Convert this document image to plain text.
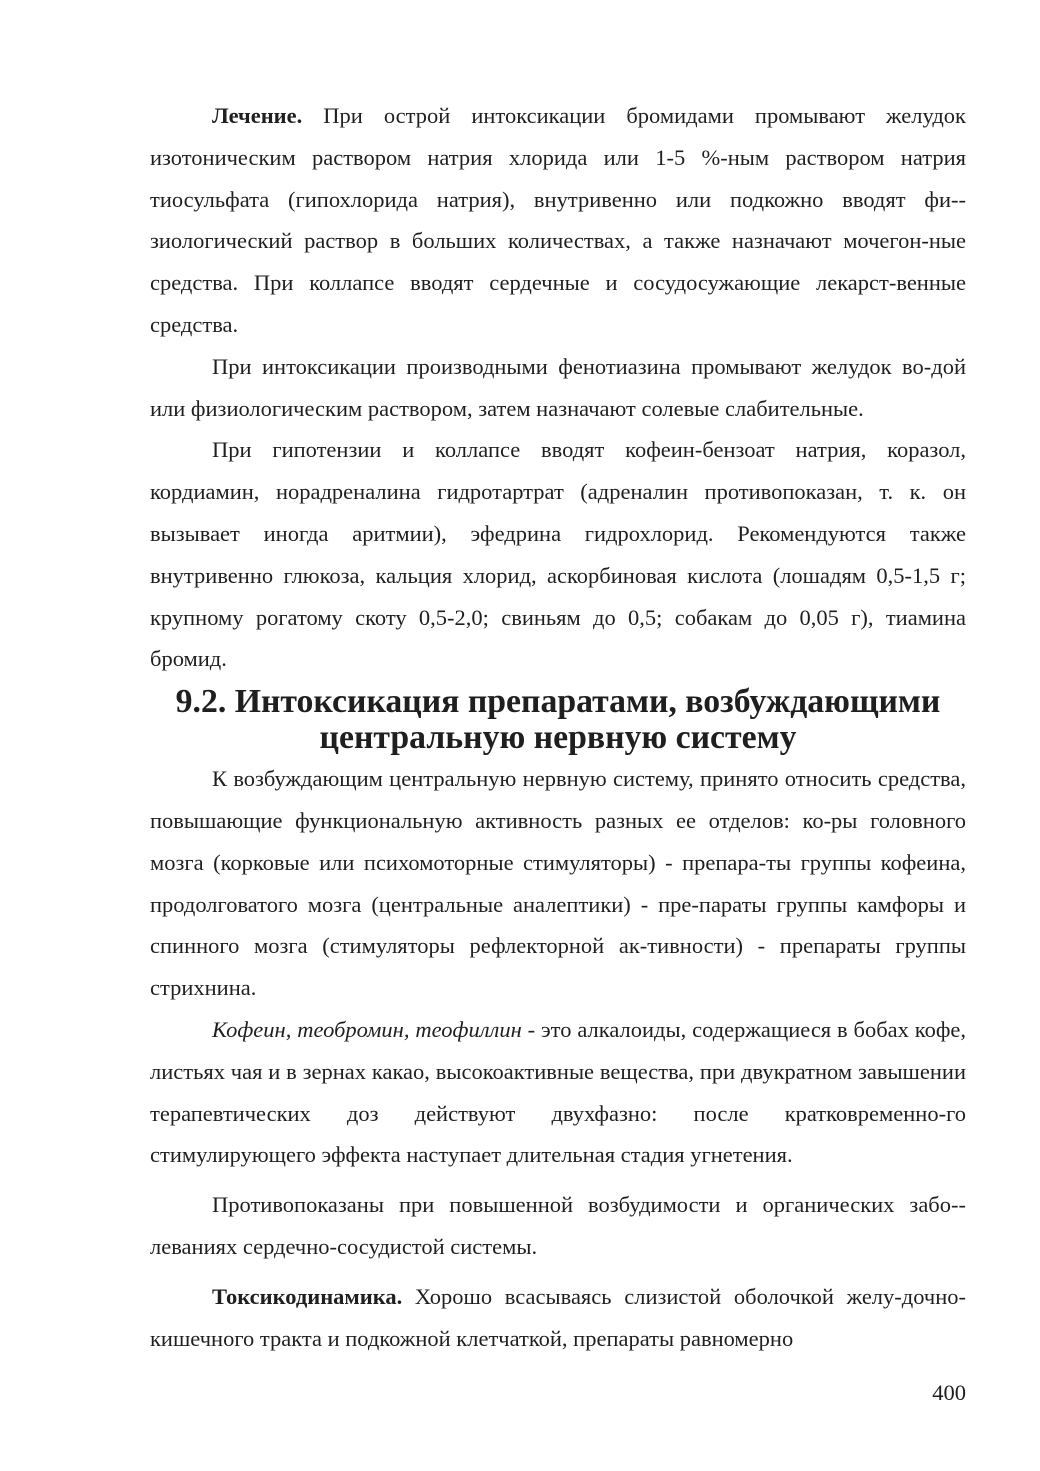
Лечение. При острой интоксикации бромидами промывают желудок изотоническим раствором натрия хлорида или 1-5 %-ным раствором натрия тиосульфата (гипохлорида натрия), внутривенно или подкожно вводят фи-зиологический раствор в больших количествах, а также назначают мочегон-ные средства. При коллапсе вводят сердечные и сосудосужающие лекарст-венные средства.

При интоксикации производными фенотиазина промывают желудок во-дой или физиологическим раствором, затем назначают солевые слабительные.

При гипотензии и коллапсе вводят кофеин-бензоат натрия, коразол, кордиамин, норадреналина гидротартрат (адреналин противопоказан, т. к. он вызывает иногда аритмии), эфедрина гидрохлорид. Рекомендуются также внутривенно глюкоза, кальция хлорид, аскорбиновая кислота (лошадям 0,5-1,5 г; крупному рогатому скоту 0,5-2,0; свиньям до 0,5; собакам до 0,05 г), тиамина бромид.

9.2. Интоксикация препаратами, возбуждающими центральную нервную систему

К возбуждающим центральную нервную систему, принято относить средства, повышающие функциональную активность разных ее отделов: ко-ры головного мозга (корковые или психомоторные стимуляторы) - препара-ты группы кофеина, продолговатого мозга (центральные аналептики) - пре-параты группы камфоры и спинного мозга (стимуляторы рефлекторной ак-тивности) - препараты группы стрихнина.

Кофеин, теобромин, теофиллин - это алкалоиды, содержащиеся в бобах кофе, листьях чая и в зернах какао, высокоактивные вещества, при двукратном завышении терапевтических доз действуют двухфазно: после кратковременно-го стимулирующего эффекта наступает длительная стадия угнетения.

Противопоказаны при повышенной возбудимости и органических забо-леваниях сердечно-сосудистой системы.

Токсикодинамика. Хорошо всасываясь слизистой оболочкой желу-дочно-кишечного тракта и подкожной клетчаткой, препараты равномерно

400
